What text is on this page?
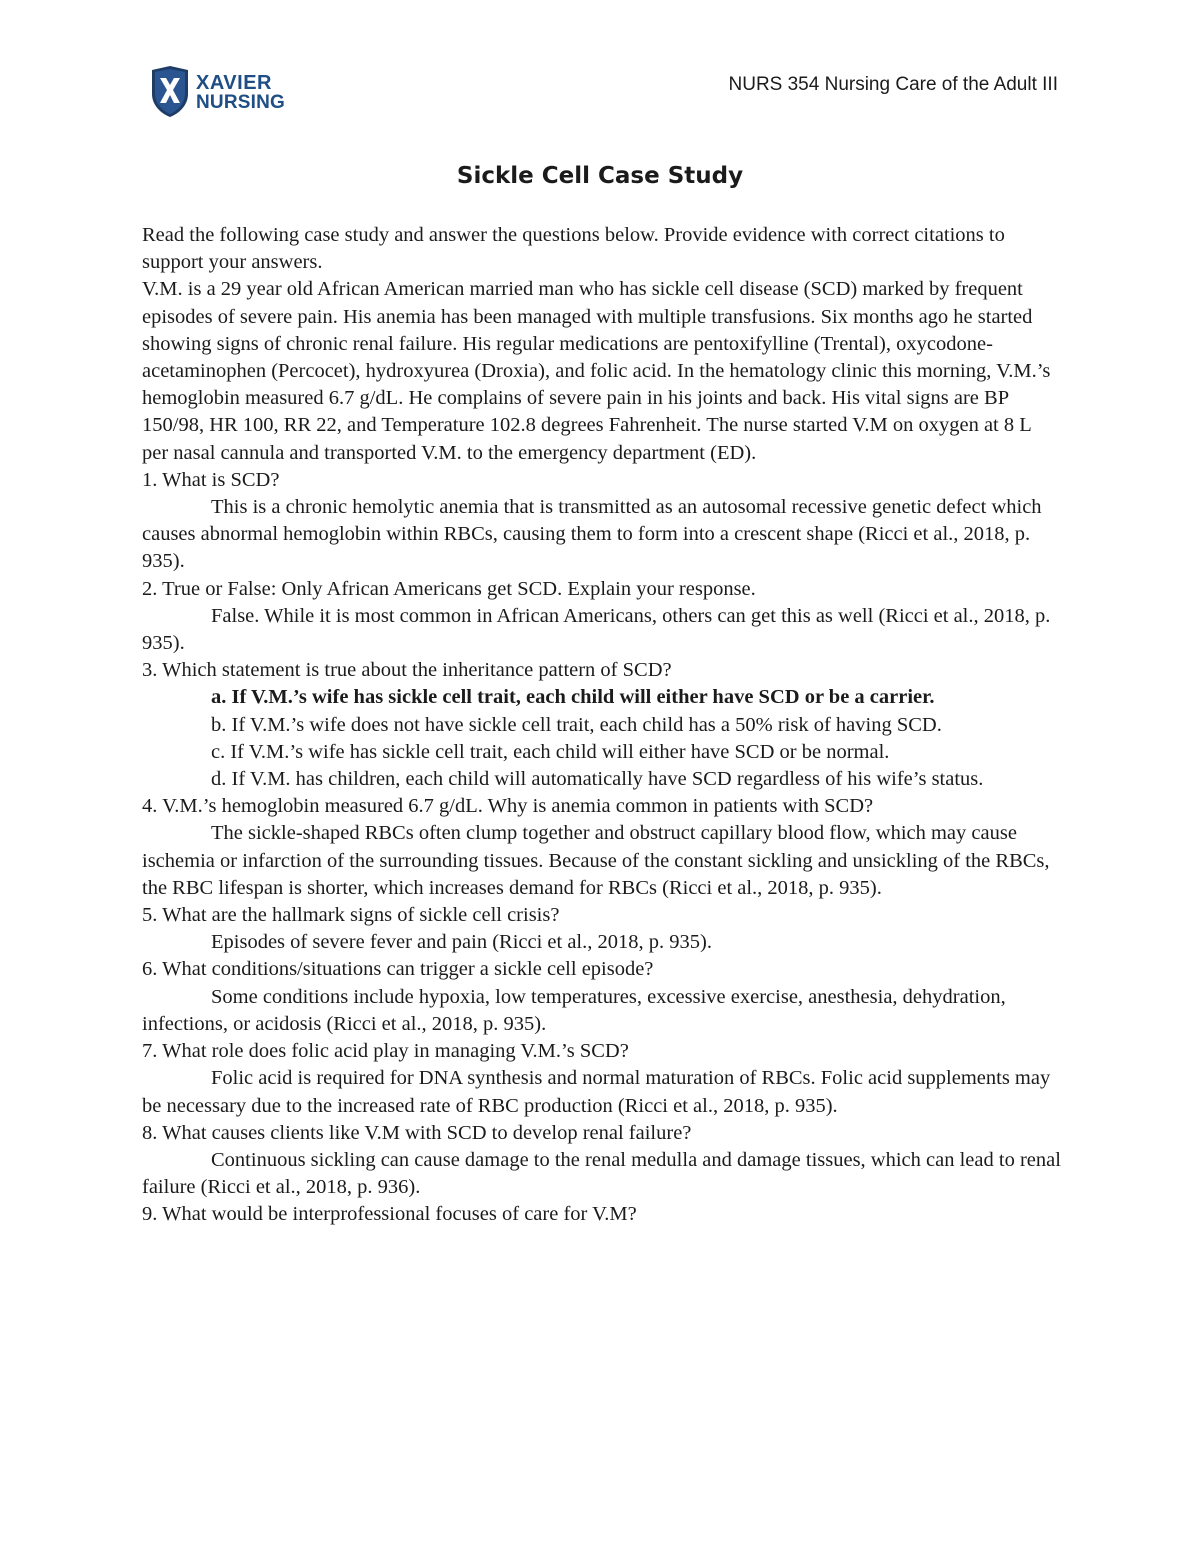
XAVIER
NURSING
NURS 354 Nursing Care of the Adult III
Sickle Cell Case Study

Read the following case study and answer the questions below. Provide evidence with correct citations to support your answers.

V.M. is a 29 year old African American married man who has sickle cell disease (SCD) marked by frequent episodes of severe pain. His anemia has been managed with multiple transfusions. Six months ago he started showing signs of chronic renal failure. His regular medications are pentoxifylline (Trental), oxycodone-acetaminophen (Percocet), hydroxyurea (Droxia), and folic acid. In the hematology clinic this morning, V.M.’s hemoglobin measured 6.7 g/dL. He complains of severe pain in his joints and back. His vital signs are BP 150/98, HR 100, RR 22, and Temperature 102.8 degrees Fahrenheit. The nurse started V.M on oxygen at 8 L per nasal cannula and transported V.M. to the emergency department (ED).

1. What is SCD?

This is a chronic hemolytic anemia that is transmitted as an autosomal recessive genetic defect which causes abnormal hemoglobin within RBCs, causing them to form into a crescent shape (Ricci et al., 2018, p. 935).

2. True or False: Only African Americans get SCD. Explain your response.

False. While it is most common in African Americans, others can get this as well (Ricci et al., 2018, p. 935).

3. Which statement is true about the inheritance pattern of SCD?

a. If V.M.’s wife has sickle cell trait, each child will either have SCD or be a carrier.

b. If V.M.’s wife does not have sickle cell trait, each child has a 50% risk of having SCD.

c. If V.M.’s wife has sickle cell trait, each child will either have SCD or be normal.

d. If V.M. has children, each child will automatically have SCD regardless of his wife’s status.

4. V.M.’s hemoglobin measured 6.7 g/dL. Why is anemia common in patients with SCD?

The sickle-shaped RBCs often clump together and obstruct capillary blood flow, which may cause ischemia or infarction of the surrounding tissues. Because of the constant sickling and unsickling of the RBCs, the RBC lifespan is shorter, which increases demand for RBCs (Ricci et al., 2018, p. 935).

5. What are the hallmark signs of sickle cell crisis?

Episodes of severe fever and pain (Ricci et al., 2018, p. 935).

6. What conditions/situations can trigger a sickle cell episode?

Some conditions include hypoxia, low temperatures, excessive exercise, anesthesia, dehydration, infections, or acidosis (Ricci et al., 2018, p. 935).

7. What role does folic acid play in managing V.M.’s SCD?

Folic acid is required for DNA synthesis and normal maturation of RBCs. Folic acid supplements may be necessary due to the increased rate of RBC production (Ricci et al., 2018, p. 935).

8. What causes clients like V.M with SCD to develop renal failure?

Continuous sickling can cause damage to the renal medulla and damage tissues, which can lead to renal failure (Ricci et al., 2018, p. 936).

9. What would be interprofessional focuses of care for V.M?
